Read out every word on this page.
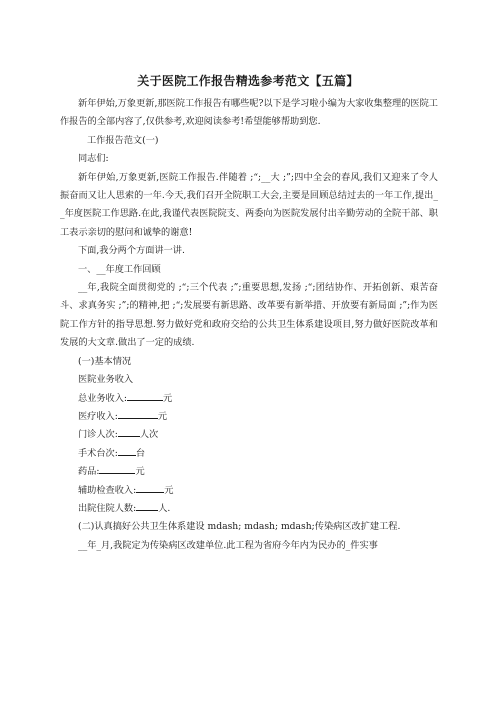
关于医院工作报告精选参考范文【五篇】

新年伊始,万象更新,那医院工作报告有哪些呢?以下是学习啦小编为大家收集整理的医院工作报告的全部内容了,仅供参考,欢迎阅读参考!希望能够帮助到您.

工作报告范文(一)

同志们:

新年伊始,万象更新,医院工作报告.伴随着 ;“;__大 ;”;四中全会的春风,我们又迎来了令人振奋而又让人思索的一年.今天,我们召开全院职工大会,主要是回顾总结过去的一年工作,提出__年度医院工作思路.在此,我谨代表医院院支、两委向为医院发展付出辛勤劳动的全院干部、职工表示亲切的慰问和诚挚的谢意!

下面,我分两个方面讲一讲.

一、__年度工作回顾

__年,我院全面贯彻党的 ;“;三个代表 ;”;重要思想,发扬 ;“;团结协作、开拓创新、艰苦奋斗、求真务实 ;”;的精神,把 ;“;发展要有新思路、改革要有新举措、开放要有新局面 ;”;作为医院工作方针的指导思想.努力做好党和政府交给的公共卫生体系建设项目,努力做好医院改革和发展的大文章.做出了一定的成绩.

(一)基本情况

医院业务收入

总业务收入:	元

医疗收入:	元

门诊人次: 人次

手术台次: 台

药品:	元

辅助检查收入:	元

出院住院人数: 人.

(二)认真搞好公共卫生体系建设 mdash; mdash; mdash;传染病区改扩建工程.

__年_月,我院定为传染病区改建单位.此工程为省府今年内为民办的_件实事
